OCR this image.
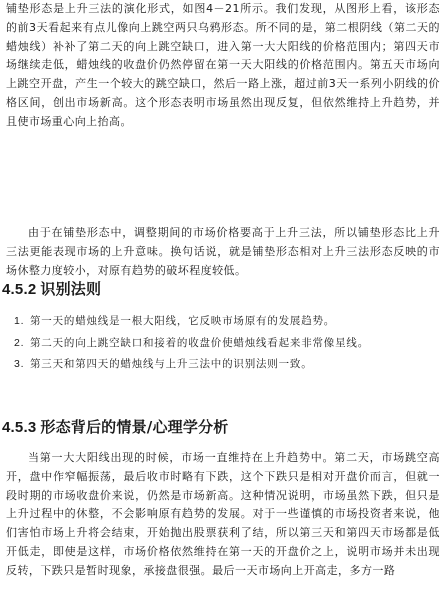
铺垫形态是上升三法的演化形式，如图4－21所示。我们发现，从图形上看，该形态的前3天看起来有点儿像向上跳空两只乌鸦形态。所不同的是，第二根阴线（第二天的蜡烛线）补补了第二天的向上跳空缺口，进入第一大大阳线的价格范围内；第四天市场继续走低，蜡烛线的收盘价仍然停留在第一天大阳线的价格范围内。第五天市场向上跳空开盘，产生一个较大的跳空缺口，然后一路上涨，超过前3天一系列小阴线的价格区间，创出市场新高。这个形态表明市场虽然出现反复，但依然维持上升趋势，并且使市场重心向上抬高。

由于在铺垫形态中，调整期间的市场价格要高于上升三法，所以铺垫形态比上升三法更能表现市场的上升意味。换句话说，就是铺垫形态相对上升三法形态反映的市场休整力度较小，对原有趋势的破坏程度较低。

4.5.2 识别法则
1. 第一天的蜡烛线是一根大阳线，它反映市场原有的发展趋势。
2. 第二天的向上跳空缺口和接着的收盘价使蜡烛线看起来非常像星线。
3. 第三天和第四天的蜡烛线与上升三法中的识别法则一致。
4.5.3 形态背后的情景/心理学分析

当第一大大阳线出现的时候，市场一直维持在上升趋势中。第二天，市场跳空高开，盘中作窄幅振荡，最后收市时略有下跌，这个下跌只是相对开盘价而言，但就一段时期的市场收盘价来说，仍然是市场新高。这种情况说明，市场虽然下跌，但只是上升过程中的休整，不会影响原有趋势的发展。对于一些谨慎的市场投资者来说，他们害怕市场上升将会结束，开始抛出股票获利了结，所以第三天和第四天市场都是低开低走，即使是这样，市场价格依然维持在第一天的开盘价之上，说明市场并未出现反转，下跌只是暂时现象，承接盘很强。最后一天市场向上开高走，多方一路
